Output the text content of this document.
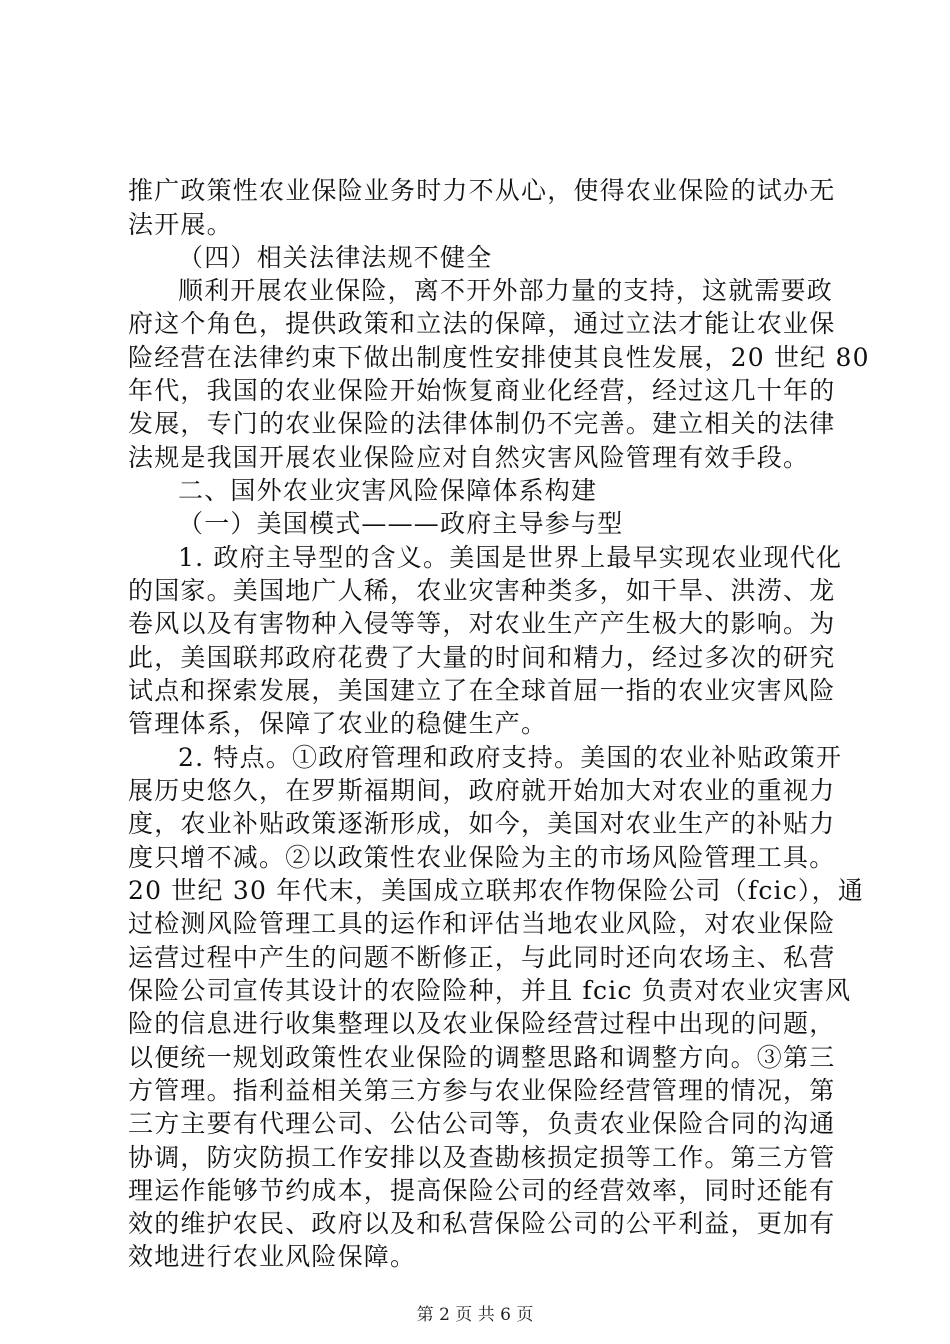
推广政策性农业保险业务时力不从心，使得农业保险的试办无
法开展。
（四）相关法律法规不健全
顺利开展农业保险，离不开外部力量的支持，这就需要政
府这个角色，提供政策和立法的保障，通过立法才能让农业保
险经营在法律约束下做出制度性安排使其良性发展，20 世纪 80
年代，我国的农业保险开始恢复商业化经营，经过这几十年的
发展，专门的农业保险的法律体制仍不完善。建立相关的法律
法规是我国开展农业保险应对自然灾害风险管理有效手段。
二、国外农业灾害风险保障体系构建
（一）美国模式———政府主导参与型
1. 政府主导型的含义。美国是世界上最早实现农业现代化
的国家。美国地广人稀，农业灾害种类多，如干旱、洪涝、龙
卷风以及有害物种入侵等等，对农业生产产生极大的影响。为
此，美国联邦政府花费了大量的时间和精力，经过多次的研究
试点和探索发展，美国建立了在全球首屈一指的农业灾害风险
管理体系，保障了农业的稳健生产。
2. 特点。①政府管理和政府支持。美国的农业补贴政策开
展历史悠久，在罗斯福期间，政府就开始加大对农业的重视力
度，农业补贴政策逐渐形成，如今，美国对农业生产的补贴力
度只增不减。②以政策性农业保险为主的市场风险管理工具。
20 世纪 30 年代末，美国成立联邦农作物保险公司（fcic），通
过检测风险管理工具的运作和评估当地农业风险，对农业保险
运营过程中产生的问题不断修正，与此同时还向农场主、私营
保险公司宣传其设计的农险险种，并且 fcic 负责对农业灾害风
险的信息进行收集整理以及农业保险经营过程中出现的问题，
以便统一规划政策性农业保险的调整思路和调整方向。③第三
方管理。指利益相关第三方参与农业保险经营管理的情况，第
三方主要有代理公司、公估公司等，负责农业保险合同的沟通
协调，防灾防损工作安排以及查勘核损定损等工作。第三方管
理运作能够节约成本，提高保险公司的经营效率，同时还能有
效的维护农民、政府以及和私营保险公司的公平利益，更加有
效地进行农业风险保障。
第 2 页 共 6 页
